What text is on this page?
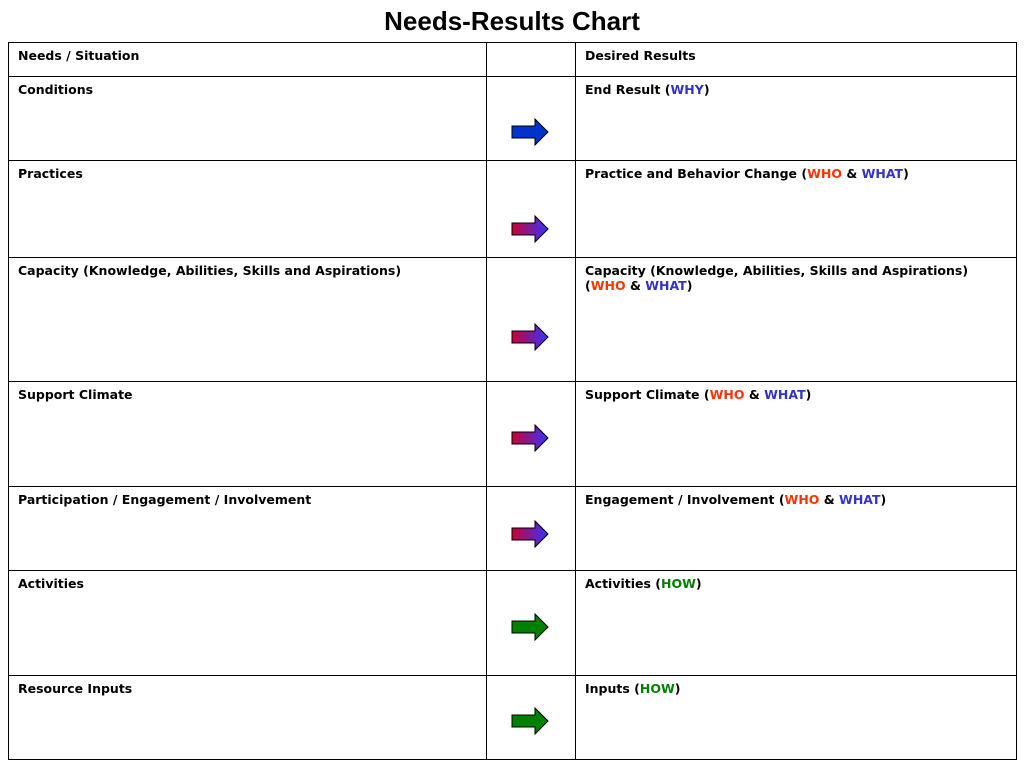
Needs-Results Chart
Needs / Situation		Desired Results
Conditions		End Result (WHY)
Practices		Practice and Behavior Change (WHO & WHAT)
Capacity (Knowledge, Abilities, Skills and Aspirations)		Capacity (Knowledge, Abilities, Skills and Aspirations)
(WHO & WHAT)
Support Climate		Support Climate (WHO & WHAT)
Participation / Engagement / Involvement		Engagement / Involvement (WHO & WHAT)
Activities		Activities (HOW)
Resource Inputs		Inputs (HOW)
